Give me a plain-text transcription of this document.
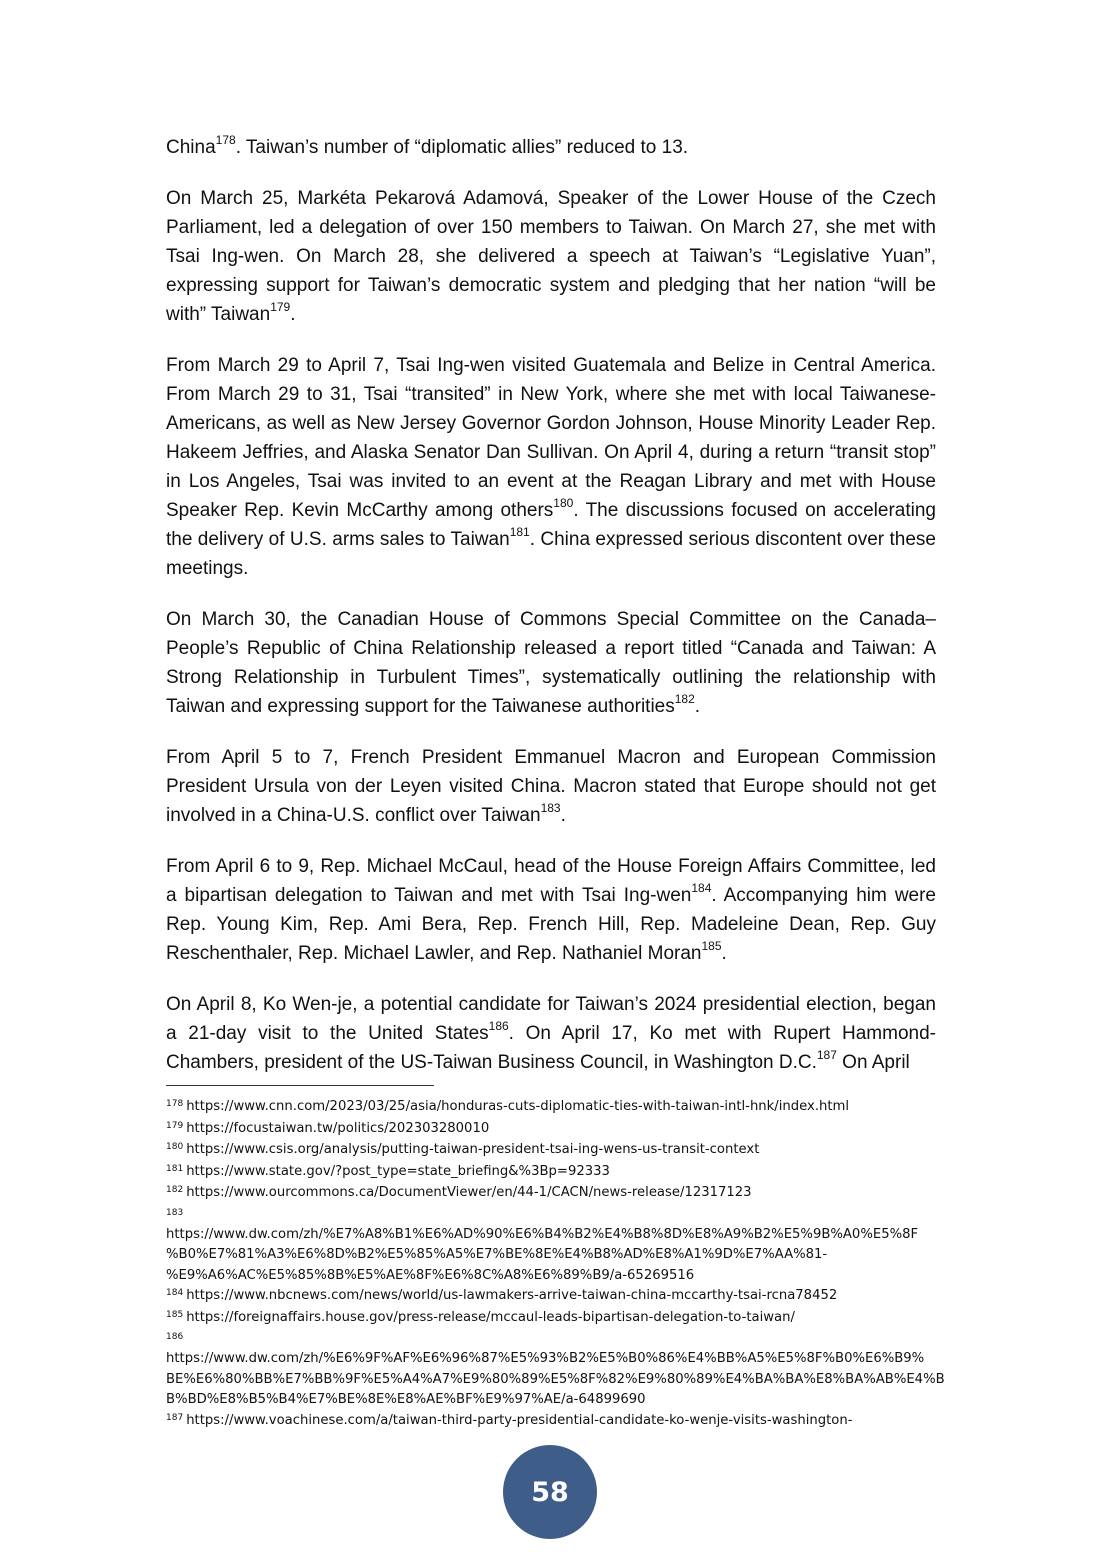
China$^{178}$. Taiwan’s number of “diplomatic allies” reduced to 13.

On March 25, Markéta Pekarová Adamová, Speaker of the Lower House of the Czech Parliament, led a delegation of over 150 members to Taiwan. On March 27, she met with Tsai Ing-wen. On March 28, she delivered a speech at Taiwan’s “Legislative Yuan”, expressing support for Taiwan’s democratic system and pledging that her nation “will be with” Taiwan$^{179}$.

From March 29 to April 7, Tsai Ing-wen visited Guatemala and Belize in Central America. From March 29 to 31, Tsai “transited” in New York, where she met with local Taiwanese-Americans, as well as New Jersey Governor Gordon Johnson, House Minority Leader Rep. Hakeem Jeffries, and Alaska Senator Dan Sullivan. On April 4, during a return “transit stop” in Los Angeles, Tsai was invited to an event at the Reagan Library and met with House Speaker Rep. Kevin McCarthy among others$^{180}$. The discussions focused on accelerating the delivery of U.S. arms sales to Taiwan$^{181}$. China expressed serious discontent over these meetings.

On March 30, the Canadian House of Commons Special Committee on the Canada–People’s Republic of China Relationship released a report titled “Canada and Taiwan: A Strong Relationship in Turbulent Times”, systematically outlining the relationship with Taiwan and expressing support for the Taiwanese authorities$^{182}$.

From April 5 to 7, French President Emmanuel Macron and European Commission President Ursula von der Leyen visited China. Macron stated that Europe should not get involved in a China-U.S. conflict over Taiwan$^{183}$.

From April 6 to 9, Rep. Michael McCaul, head of the House Foreign Affairs Committee, led a bipartisan delegation to Taiwan and met with Tsai Ing-wen$^{184}$. Accompanying him were Rep. Young Kim, Rep. Ami Bera, Rep. French Hill, Rep. Madeleine Dean, Rep. Guy Reschenthaler, Rep. Michael Lawler, and Rep. Nathaniel Moran$^{185}$.

On April 8, Ko Wen-je, a potential candidate for Taiwan’s 2024 presidential election, began a 21-day visit to the United States$^{186}$. On April 17, Ko met with Rupert Hammond-Chambers, president of the US-Taiwan Business Council, in Washington D.C.$^{187}$ On April

$^{178}$ https://www.cnn.com/2023/03/25/asia/honduras-cuts-diplomatic-ties-with-taiwan-intl-hnk/index.html
$^{179}$ https://focustaiwan.tw/politics/202303280010
$^{180}$ https://www.csis.org/analysis/putting-taiwan-president-tsai-ing-wens-us-transit-context
$^{181}$ https://www.state.gov/?post_type=state_briefing&%3Bp=92333
$^{182}$ https://www.ourcommons.ca/DocumentViewer/en/44-1/CACN/news-release/12317123
183
https://www.dw.com/zh/%E7%A8%B1%E6%AD%90%E6%B4%B2%E4%B8%8D%E8%A9%B2%E5%9B%A0%E5%8F
%B0%E7%81%A3%E6%8D%B2%E5%85%A5%E7%BE%8E%E4%B8%AD%E8%A1%9D%E7%AA%81-
%E9%A6%AC%E5%85%8B%E5%AE%8F%E6%8C%A8%E6%89%B9/a-65269516
$^{184}$ https://www.nbcnews.com/news/world/us-lawmakers-arrive-taiwan-china-mccarthy-tsai-rcna78452
$^{185}$ https://foreignaffairs.house.gov/press-release/mccaul-leads-bipartisan-delegation-to-taiwan/
186
https://www.dw.com/zh/%E6%9F%AF%E6%96%87%E5%93%B2%E5%B0%86%E4%BB%A5%E5%8F%B0%E6%B9%
BE%E6%80%BB%E7%BB%9F%E5%A4%A7%E9%80%89%E5%8F%82%E9%80%89%E4%BA%BA%E8%BA%AB%E4%B
B%BD%E8%B5%B4%E7%BE%8E%E8%AE%BF%E9%97%AE/a-64899690
$^{187}$ https://www.voachinese.com/a/taiwan-third-party-presidential-candidate-ko-wenje-visits-washington-
58
